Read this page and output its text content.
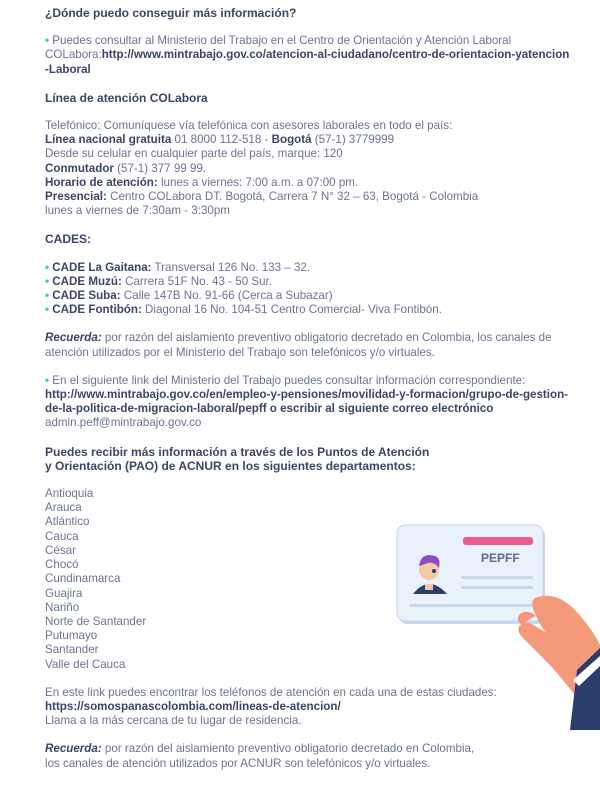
¿Dónde puedo conseguir más información?

• Puedes consultar al Ministerio del Trabajo en el Centro de Orientación y Atención Laboral
COLabora:http://www.mintrabajo.gov.co/atencion-al-ciudadano/centro-de-orientacion-yatencion-Laboral

Línea de atención COLabora

Telefónico: Comuníquese vía telefónica con asesores laborales en todo el país:
Línea nacional gratuita 01 8000 112-518 - Bogotá (57-1) 3779999
Desde su celular en cualquier parte del país, marque: 120
Conmutador (57-1) 377 99 99.
Horario de atención: lunes a viernes: 7:00 a.m. a 07:00 pm.
Presencial: Centro COLabora DT. Bogotá, Carrera 7 N° 32 – 63, Bogotá - Colombia
lunes a viernes de 7:30am - 3:30pm

CADES:

• CADE La Gaitana: Transversal 126 No. 133 – 32.
• CADE Muzú: Carrera 51F No. 43 - 50 Sur.
• CADE Suba: Calle 147B No. 91-66 (Cerca a Subazar)
• CADE Fontibón: Diagonal 16 No. 104-51 Centro Comercial- Viva Fontibón.

Recuerda: por razón del aislamiento preventivo obligatorio decretado en Colombia, los canales de atención utilizados por el Ministerio del Trabajo son telefónicos y/o virtuales.

• En el siguiente link del Ministerio del Trabajo puedes consultar información correspondiente:
http://www.mintrabajo.gov.co/en/empleo-y-pensiones/movilidad-y-formacion/grupo-de-gestion-de-la-politica-de-migracion-laboral/pepff o escribir al siguiente correo electrónico admin.peff@mintrabajo.gov.co

Puedes recibir más información a través de los Puntos de Atención
y Orientación (PAO) de ACNUR en los siguientes departamentos:

Antioquia
Arauca
Atlántico
Cauca
César
Chocó
Cundinamarca
Guajira
Nariño
Norte de Santander
Putumayo
Santander
Valle del Cauca

En este link puedes encontrar los teléfonos de atención en cada una de estas ciudades:
https://somospanascolombia.com/lineas-de-atencion/
Llama a la más cercana de tu lugar de residencia.

Recuerda: por razón del aislamiento preventivo obligatorio decretado en Colombia,
los canales de atención utilizados por ACNUR son telefónicos y/o virtuales.

PEPFF
